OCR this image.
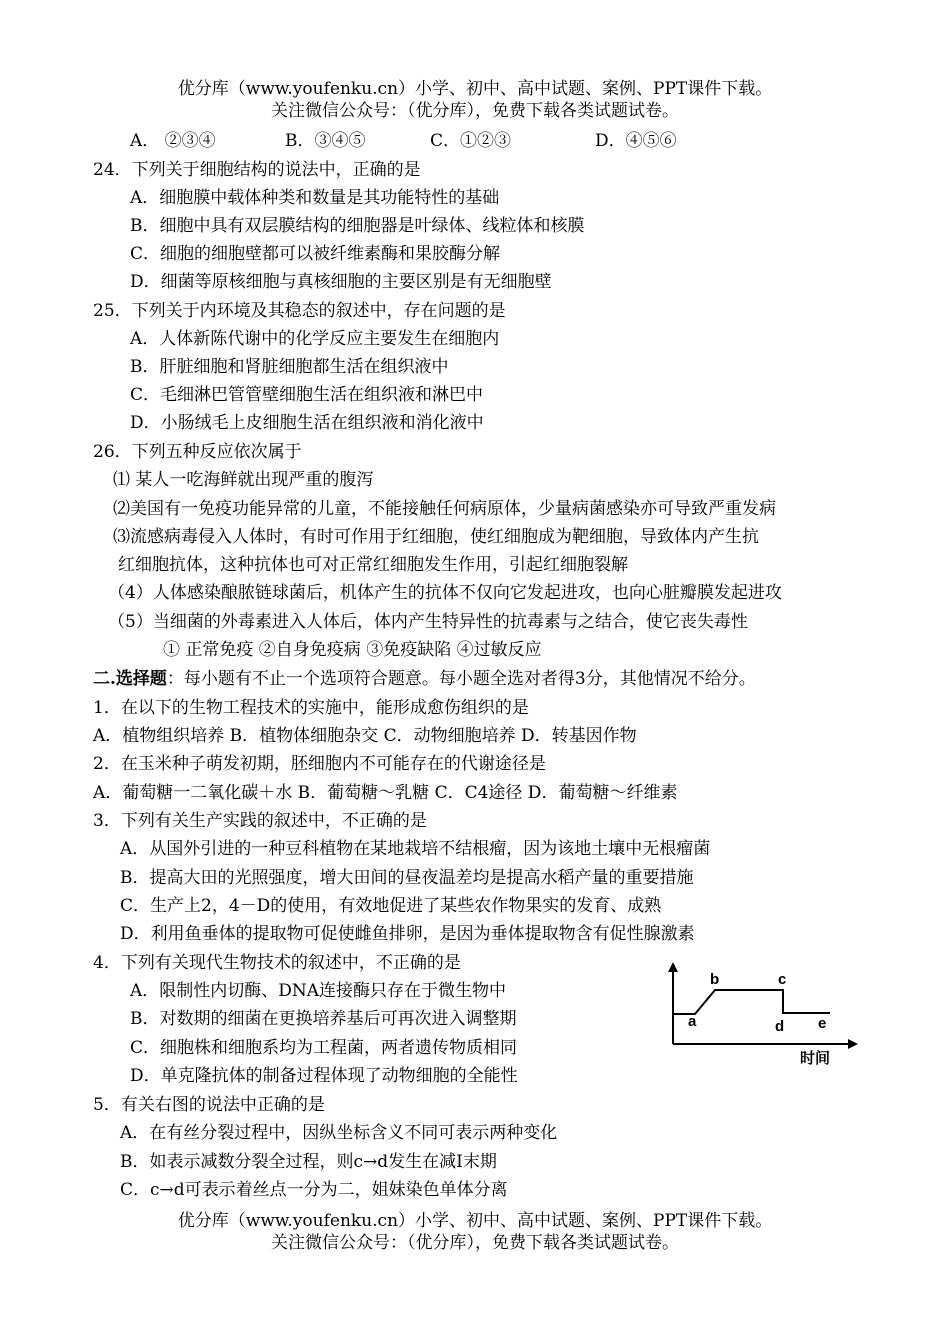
优分库（www.youfenku.cn）小学、初中、高中试题、案例、PPT课件下载。
关注微信公众号：（优分库），免费下载各类试题试卷。
A． ②③④	B．③④⑤	C．①②③	D．④⑤⑥
24．下列关于细胞结构的说法中，正确的是
A．细胞膜中载体种类和数量是其功能特性的基础
B．细胞中具有双层膜结构的细胞器是叶绿体、线粒体和核膜
C．细胞的细胞壁都可以被纤维素酶和果胶酶分解
D．细菌等原核细胞与真核细胞的主要区别是有无细胞壁
25．下列关于内环境及其稳态的叙述中，存在问题的是
A．人体新陈代谢中的化学反应主要发生在细胞内
B．肝脏细胞和肾脏细胞都生活在组织液中
C．毛细淋巴管管壁细胞生活在组织液和淋巴中
D．小肠绒毛上皮细胞生活在组织液和消化液中
26．下列五种反应依次属于
⑴ 某人一吃海鲜就出现严重的腹泻
⑵美国有一免疫功能异常的儿童，不能接触任何病原体，少量病菌感染亦可导致严重发病
⑶流感病毒侵入人体时，有时可作用于红细胞，使红细胞成为靶细胞，导致体内产生抗
红细胞抗体，这种抗体也可对正常红细胞发生作用，引起红细胞裂解
（4）人体感染酿脓链球菌后，机体产生的抗体不仅向它发起进攻，也向心脏瓣膜发起进攻
（5）当细菌的外毒素进入人体后，体内产生特异性的抗毒素与之结合，使它丧失毒性
① 正常免疫 ②自身免疫病 ③免疫缺陷 ④过敏反应
二.选择题：每小题有不止一个选项符合题意。每小题全选对者得3分，其他情况不给分。
1．在以下的生物工程技术的实施中，能形成愈伤组织的是
A．植物组织培养 B．植物体细胞杂交 C．动物细胞培养 D．转基因作物
2．在玉米种子萌发初期，胚细胞内不可能存在的代谢途径是
A．葡萄糖一二氧化碳＋水 B．葡萄糖～乳糖 C．C4途径 D．葡萄糖～纤维素
3．下列有关生产实践的叙述中，不正确的是
A．从国外引进的一种豆科植物在某地栽培不结根瘤，因为该地土壤中无根瘤菌
B．提高大田的光照强度，增大田间的昼夜温差均是提高水稻产量的重要措施
C．生产上2，4－D的使用，有效地促进了某些农作物果实的发育、成熟
D．利用鱼垂体的提取物可促使雌鱼排卵，是因为垂体提取物含有促性腺激素
4．下列有关现代生物技术的叙述中，不正确的是
A．限制性内切酶、DNA连接酶只存在于微生物中
B．对数期的细菌在更换培养基后可再次进入调整期
C．细胞株和细胞系均为工程菌，两者遗传物质相同
D．单克隆抗体的制备过程体现了动物细胞的全能性
a
b	c
d e
时间
5．有关右图的说法中正确的是
A．在有丝分裂过程中，因纵坐标含义不同可表示两种变化
B．如表示减数分裂全过程，则c→d发生在减Ⅰ末期
C．c→d可表示着丝点一分为二，姐妹染色单体分离
优分库（www.youfenku.cn）小学、初中、高中试题、案例、PPT课件下载。
关注微信公众号：（优分库），免费下载各类试题试卷。
